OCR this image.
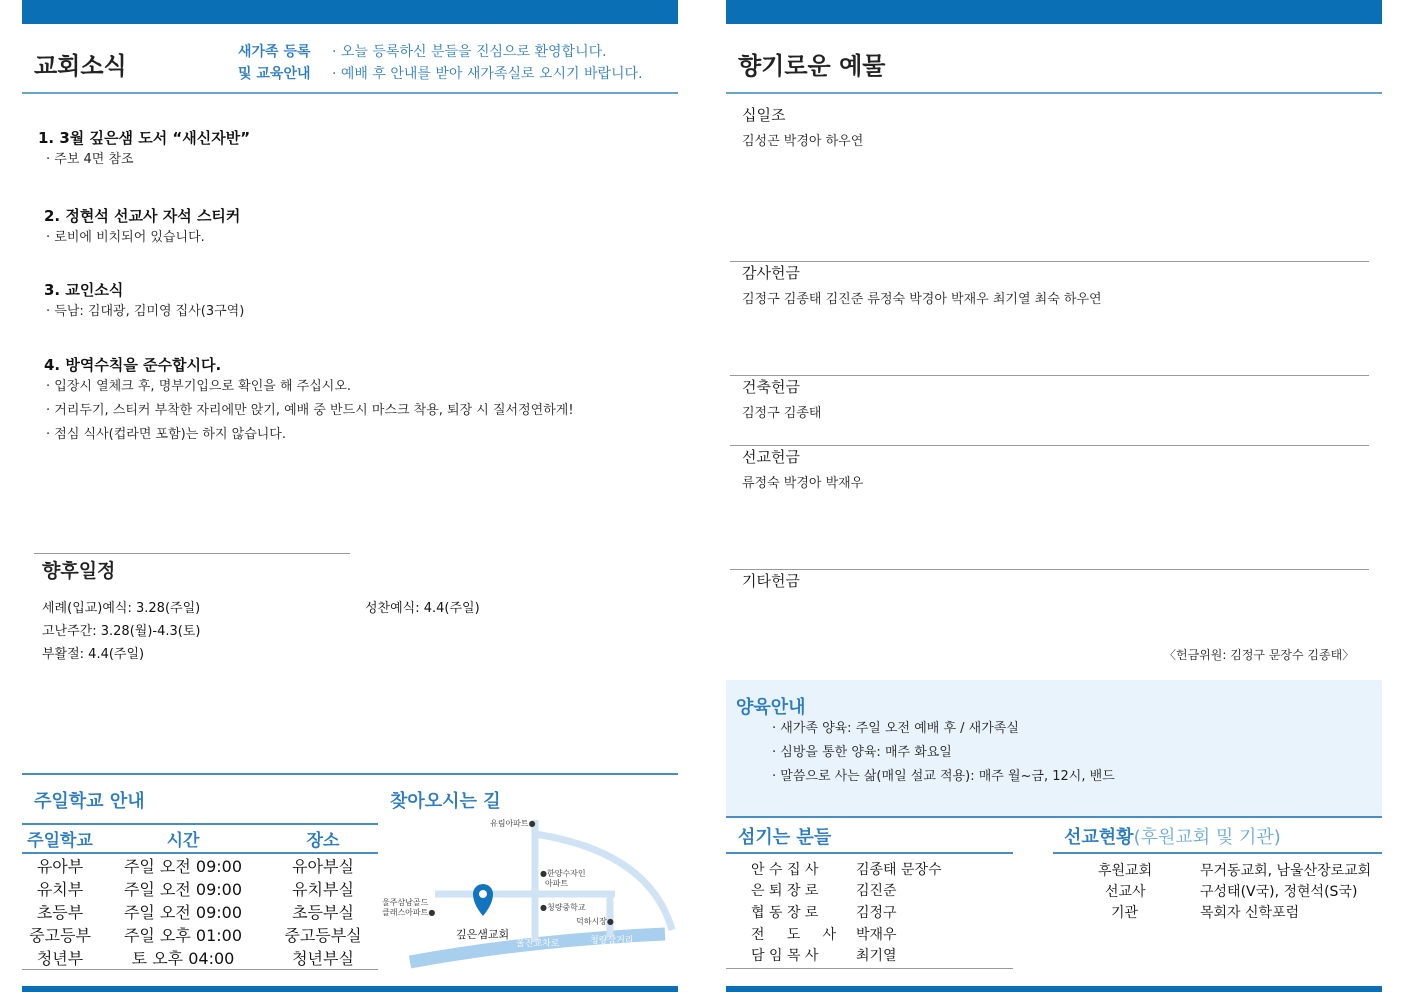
교회소식	새가족 등록
및 교육안내
· 오늘 등록하신 분들을 진심으로 환영합니다.
· 예배 후 안내를 받아 새가족실로 오시기 바랍니다.
1. 3월 깊은샘 도서 “새신자반”
· 주보 4면 참조
2. 정현석 선교사 자석 스티커
· 로비에 비치되어 있습니다.
3. 교인소식
· 득남: 김대광, 김미영 집사(3구역)
4. 방역수칙을 준수합시다.
· 입장시 열체크 후, 명부기입으로 확인을 해 주십시오.
· 거리두기, 스티커 부착한 자리에만 앉기, 예배 중 반드시 마스크 착용, 퇴장 시 질서정연하게!
· 점심 식사(컵라면 포함)는 하지 않습니다.
향후일정
세례(입교)예식: 3.28(주일)
고난주간: 3.28(월)-4.3(토)
부활절: 4.4(주일)
성찬예식: 4.4(주일)
주일학교 안내
주일학교	시간	장소
유아부	주일 오전 09:00	유아부실
유치부	주일 오전 09:00	유치부실
초등부	주일 오전 09:00	초등부실
중고등부	주일 오후 01:00	중고등부실
청년부	토 오후 04:00	청년부실
찾아오시는 길
유림아파트●
●한양수자인
아파트
울주삼남골드
클래스아파트●
●청량중학교
덕하시장●
깊은샘교회
울진교차로	청량삼거리
향기로운 예물
십일조
김성곤 박경아 하우연
감사헌금
김정구 김종태 김진준 류정숙 박경아 박재우 최기열 최숙 하우연
건축헌금
김정구 김종태
선교헌금
류정숙 박경아 박재우
기타헌금
〈헌금위원: 김정구 문장수 김종태〉
양육안내
· 새가족 양육: 주일 오전 예배 후 / 새가족실
· 심방을 통한 양육: 매주 화요일
· 말씀으로 사는 삶(매일 설교 적용): 매주 월~금, 12시, 밴드
섬기는 분들
안 수 집 사	김종태 문장수
은 퇴 장 로	김진준
협 동 장 로	김정구
전     도     사 박재우
담 임 목 사	최기열
선교현황(후원교회 및 기관)
후원교회	무거동교회, 남울산장로교회
선교사	구성태(V국), 정현석(S국)
기관	목회자 신학포럼
